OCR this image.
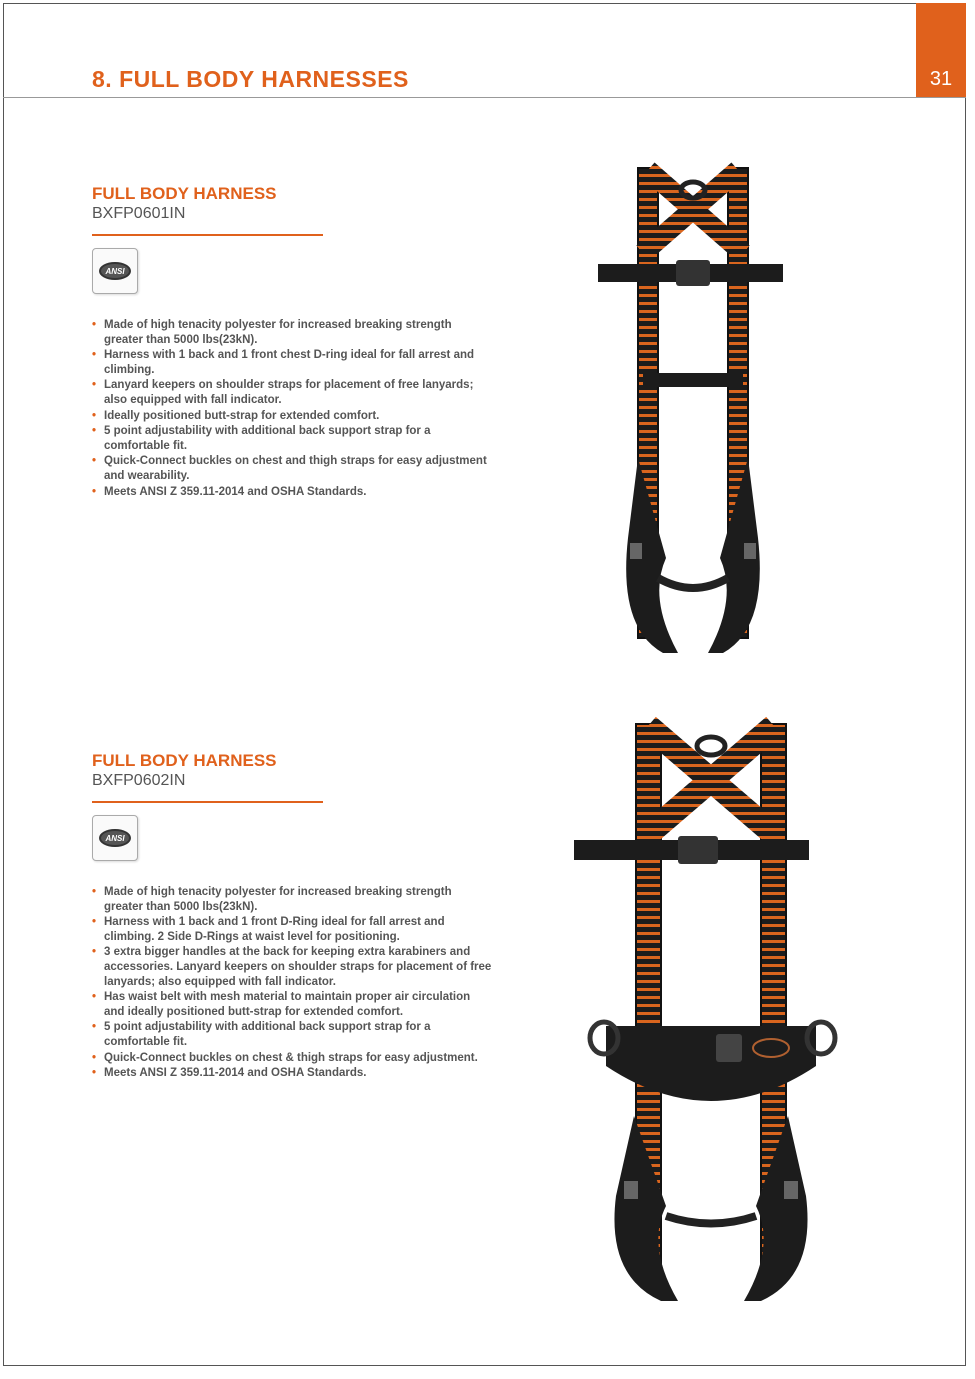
8. FULL BODY HARNESSES	31
FULL BODY HARNESS

BXFP0601IN

ANSI
• Made of high tenacity polyester for increased breaking strength greater than 5000 lbs(23kN).
• Harness with 1 back and 1 front chest D-ring ideal for fall arrest and climbing.
• Lanyard keepers on shoulder straps for placement of free lanyards; also equipped with fall indicator.
• Ideally positioned butt-strap for extended comfort.
• 5 point adjustability with additional back support strap for a comfortable fit.
• Quick-Connect buckles on chest and thigh straps for easy adjustment and wearability.
• Meets ANSI Z 359.11-2014 and OSHA Standards.
FULL BODY HARNESS

BXFP0602IN

ANSI
• Made of high tenacity polyester for increased breaking strength greater than 5000 lbs(23kN).
• Harness with 1 back and 1 front D-Ring ideal for fall arrest and climbing. 2 Side D-Rings at waist level for positioning.
• 3 extra bigger handles at the back for keeping extra karabiners and accessories. Lanyard keepers on shoulder straps for placement of free lanyards; also equipped with fall indicator.
• Has waist belt with mesh material to maintain proper air circulation and ideally positioned butt-strap for extended comfort.
• 5 point adjustability with additional back support strap for a comfortable fit.
• Quick-Connect buckles on chest & thigh straps for easy adjustment.
• Meets ANSI Z 359.11-2014 and OSHA Standards.
